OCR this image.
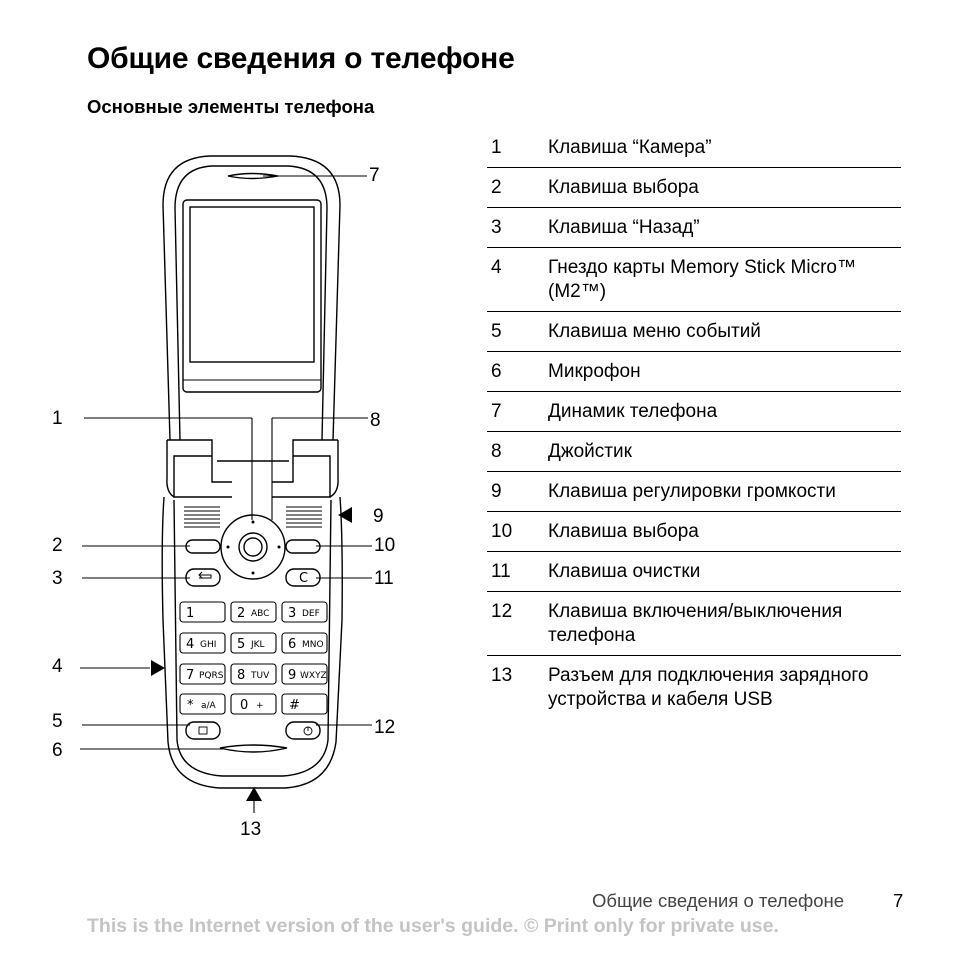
Общие сведения о телефоне
Основные элементы телефона
C
1	2 ABC 3 DEF
4 GHI 5 JKL 6 MNO
7 PQRS 8 TUV 9 WXYZ
* a/A 0 + #
7
1	8
9
2	10
3	11
4
5	12
6
13
1	Клавиша “Камера”
2	Клавиша выбора
3	Клавиша “Назад”
4	Гнездо карты Memory Stick Micro™ (M2™)
5	Клавиша меню событий
6	Микрофон
7	Динамик телефона
8	Джойстик
9	Клавиша регулировки громкости
10	Клавиша выбора
11	Клавиша очистки
12	Клавиша включения/выключения телефона
13	Разъем для подключения зарядного устройства и кабеля USB
Общие сведения о телефоне	7
This is the Internet version of the user's guide. © Print only for private use.
